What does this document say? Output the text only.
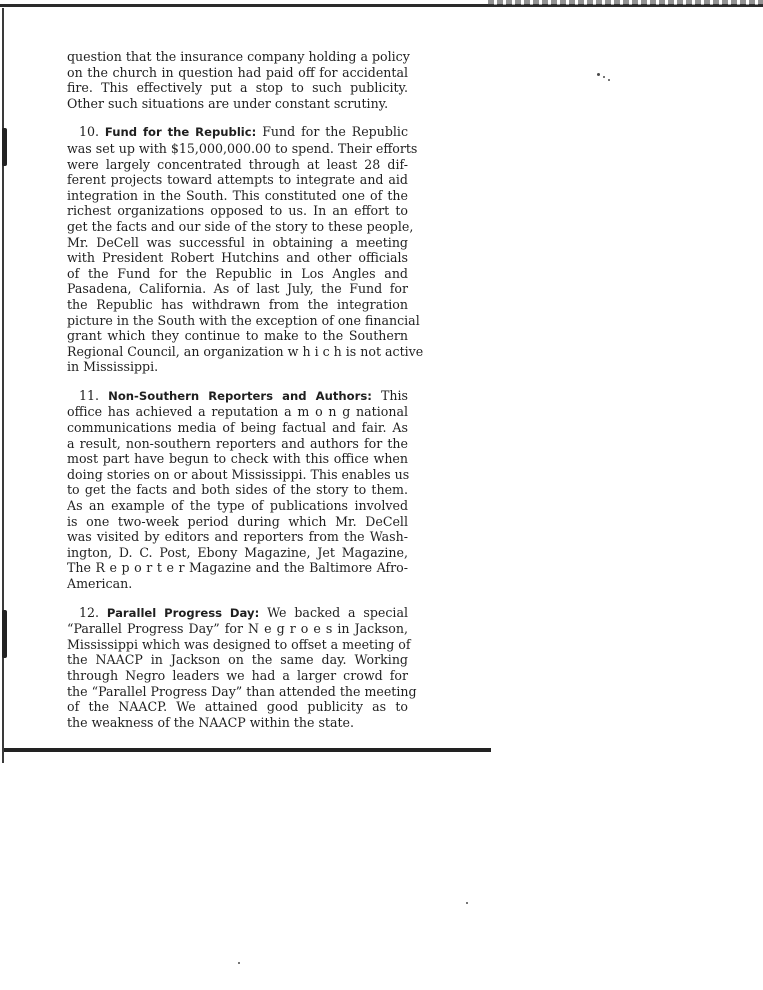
question that the insurance company holding a policy
on the church in question had paid off for accidental
fire. This effectively put a stop to such publicity.
Other such situations are under constant scrutiny.

10. Fund for the Republic: Fund for the Republic
was set up with $15,000,000.00 to spend. Their efforts
were largely concentrated through at least 28 dif-
ferent projects toward attempts to integrate and aid
integration in the South. This constituted one of the
richest organizations opposed to us. In an effort to
get the facts and our side of the story to these people,
Mr. DeCell was successful in obtaining a meeting
with President Robert Hutchins and other officials
of the Fund for the Republic in Los Angles and
Pasadena, California. As of last July, the Fund for
the Republic has withdrawn from the integration
picture in the South with the exception of one financial
grant which they continue to make to the Southern
Regional Council, an organization w h i c h is not active
in Mississippi.

11. Non-Southern Reporters and Authors: This
office has achieved a reputation a m o n g national
communications media of being factual and fair. As
a result, non-southern reporters and authors for the
most part have begun to check with this office when
doing stories on or about Mississippi. This enables us
to get the facts and both sides of the story to them.
As an example of the type of publications involved
is one two-week period during which Mr. DeCell
was visited by editors and reporters from the Wash-
ington, D. C. Post, Ebony Magazine, Jet Magazine,
The R e p o r t e r Magazine and the Baltimore Afro-
American.

12. Parallel Progress Day: We backed a special
“Parallel Progress Day” for N e g r o e s in Jackson,
Mississippi which was designed to offset a meeting of
the NAACP in Jackson on the same day. Working
through Negro leaders we had a larger crowd for
the “Parallel Progress Day” than attended the meeting
of the NAACP. We attained good publicity as to
the weakness of the NAACP within the state.
